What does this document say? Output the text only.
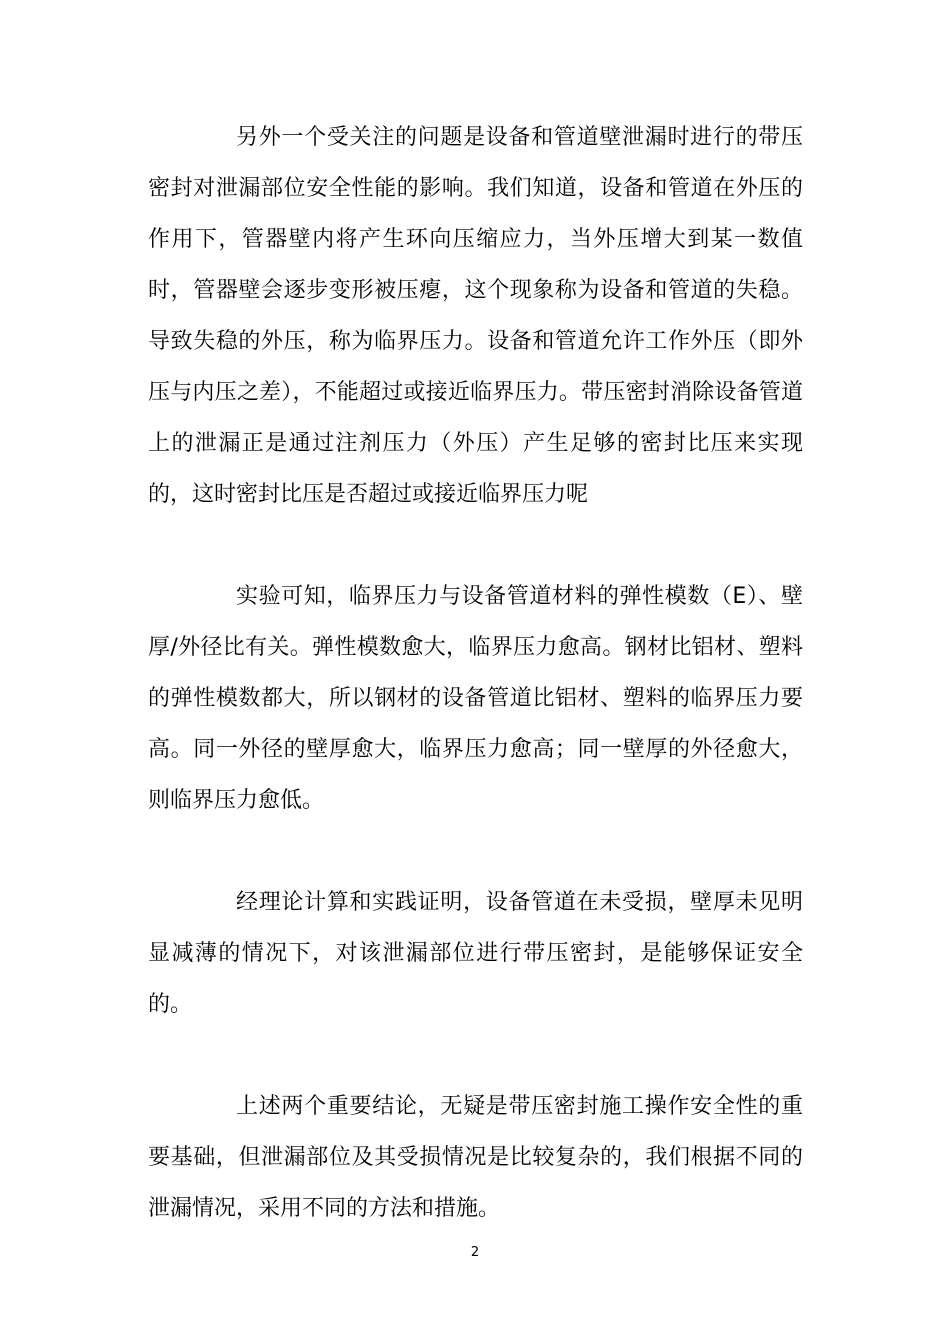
另外一个受关注的问题是设备和管道壁泄漏时进行的带压密封对泄漏部位安全性能的影响。我们知道，设备和管道在外压的作用下，管器壁内将产生环向压缩应力，当外压增大到某一数值时，管器壁会逐步变形被压瘪，这个现象称为设备和管道的失稳。导致失稳的外压，称为临界压力。设备和管道允许工作外压（即外压与内压之差），不能超过或接近临界压力。带压密封消除设备管道上的泄漏正是通过注剂压力（外压）产生足够的密封比压来实现的，这时密封比压是否超过或接近临界压力呢

实验可知，临界压力与设备管道材料的弹性模数（E）、壁厚/外径比有关。弹性模数愈大，临界压力愈高。钢材比铝材、塑料的弹性模数都大，所以钢材的设备管道比铝材、塑料的临界压力要高。同一外径的壁厚愈大，临界压力愈高；同一壁厚的外径愈大，则临界压力愈低。

经理论计算和实践证明，设备管道在未受损，壁厚未见明显减薄的情况下，对该泄漏部位进行带压密封，是能够保证安全的。

上述两个重要结论，无疑是带压密封施工操作安全性的重要基础，但泄漏部位及其受损情况是比较复杂的，我们根据不同的泄漏情况，采用不同的方法和措施。

2
